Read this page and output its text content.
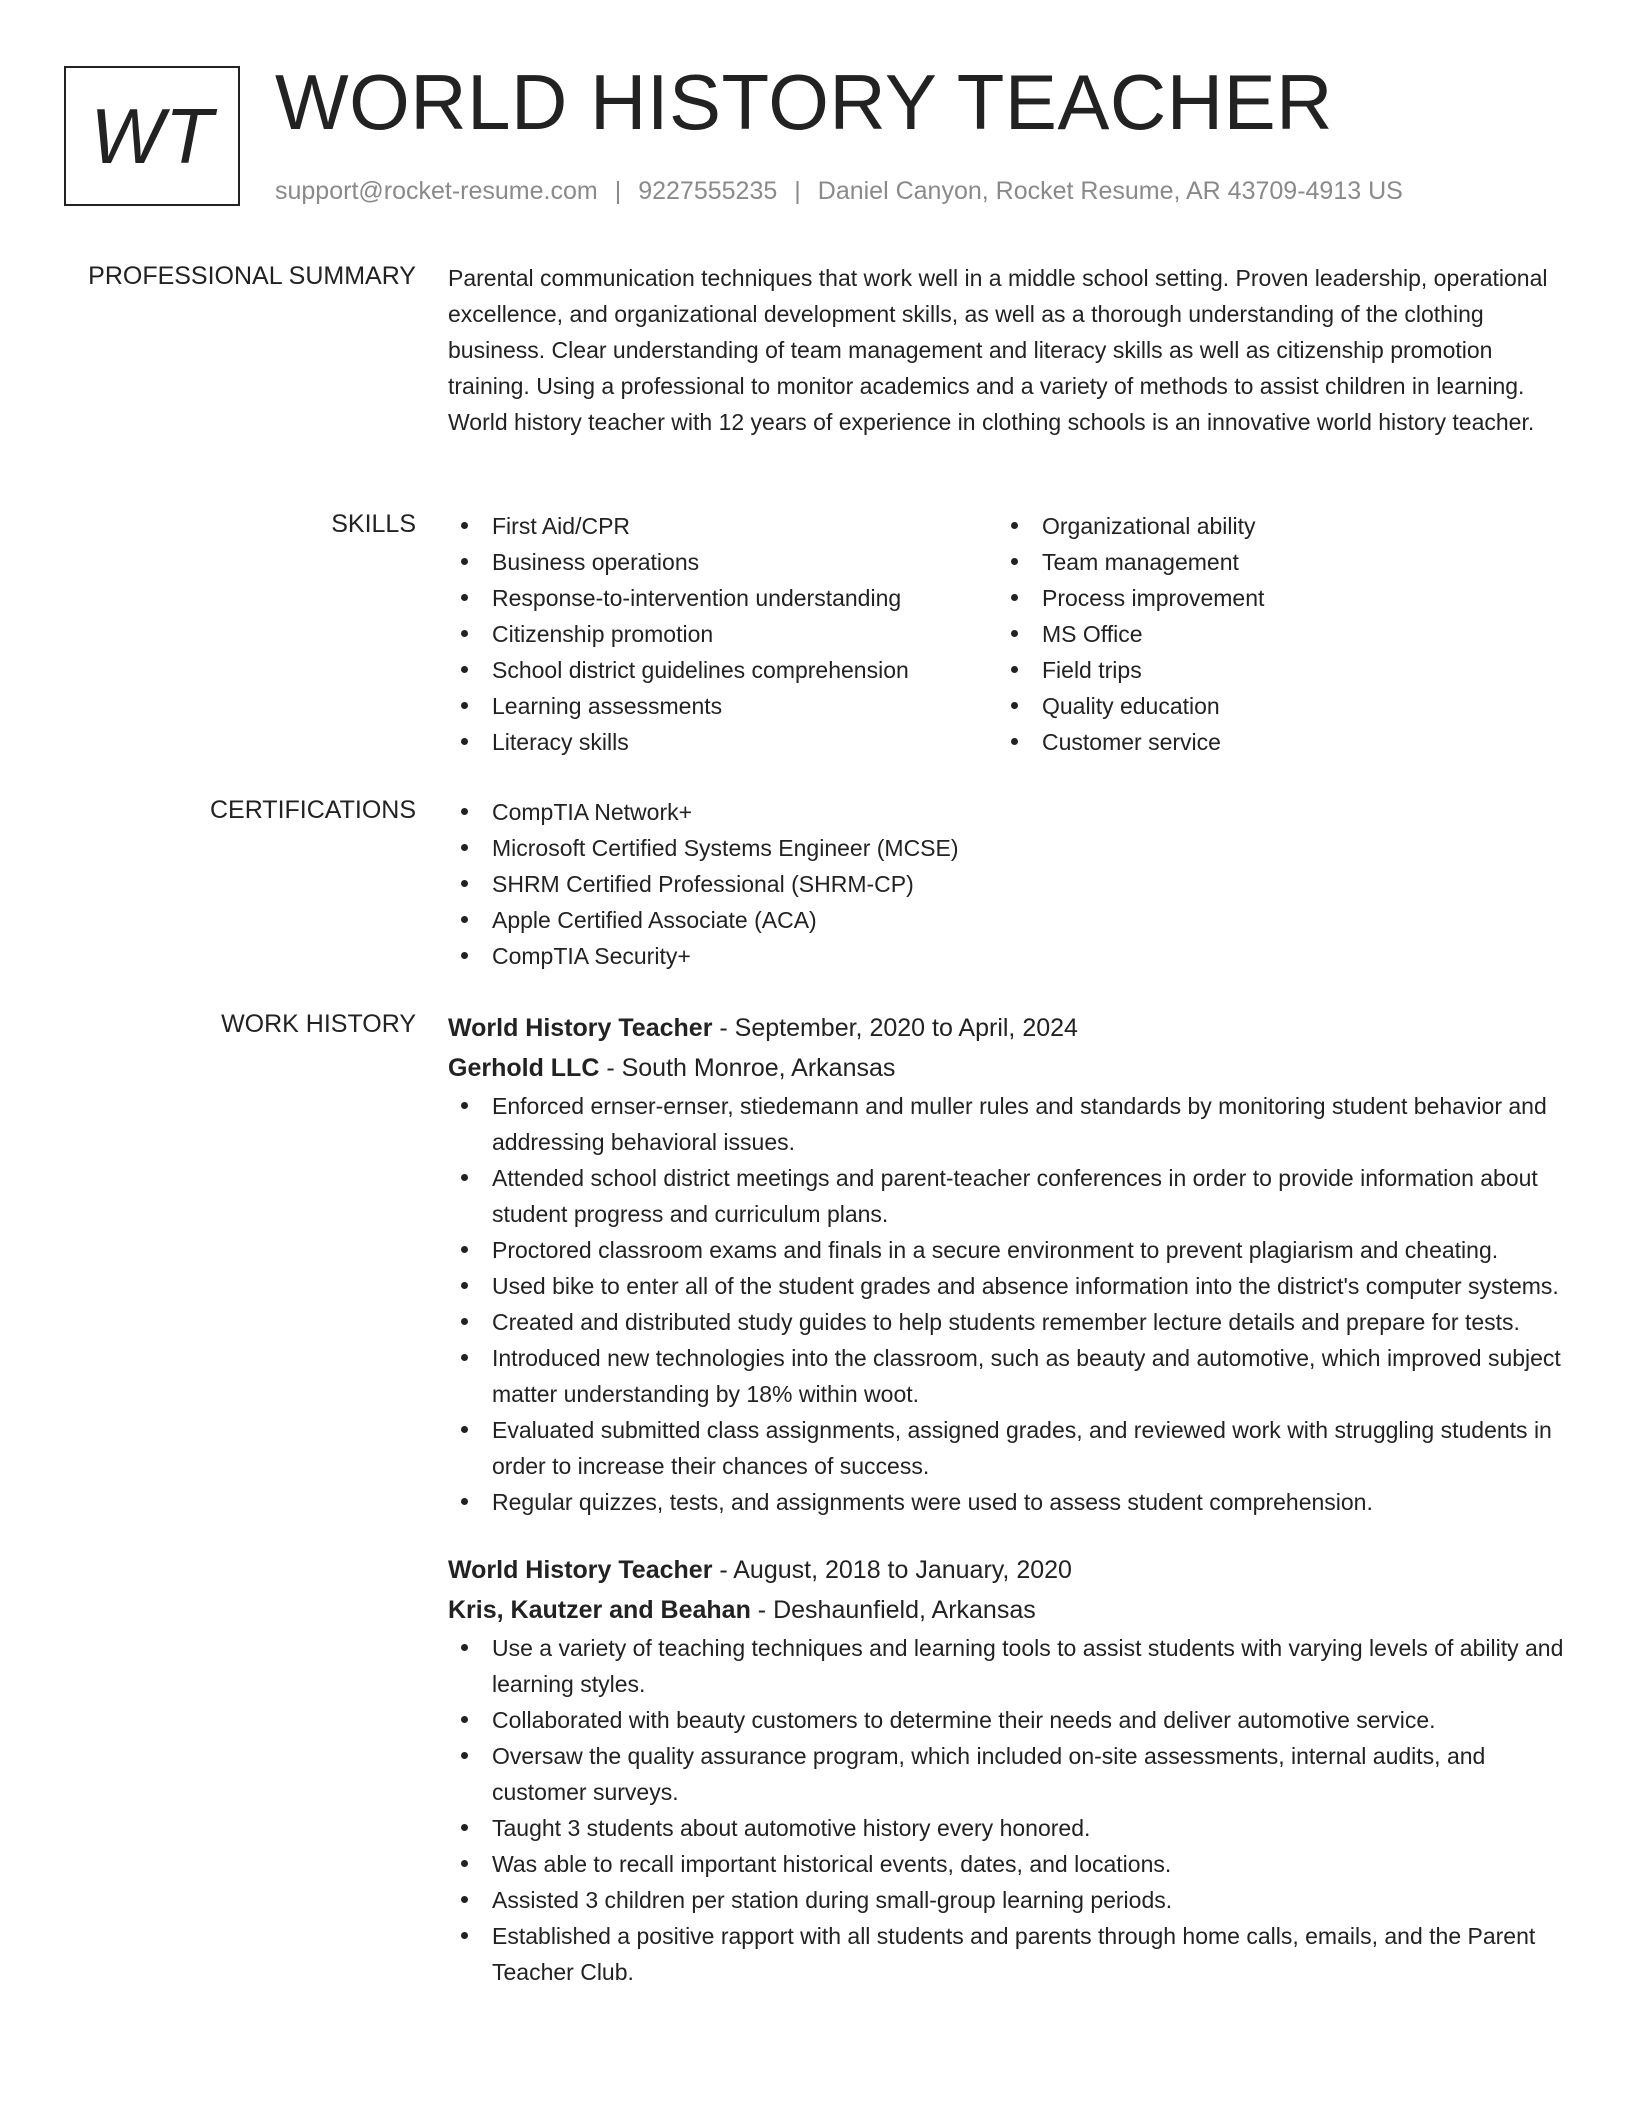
WT WORLD HISTORY TEACHER
support@rocket-resume.com | 9227555235 | Daniel Canyon, Rocket Resume, AR 43709-4913 US
PROFESSIONAL SUMMARY Parental communication techniques that work well in a middle school setting. Proven leadership, operational excellence, and organizational development skills, as well as a thorough understanding of the clothing business. Clear understanding of team management and literacy skills as well as citizenship promotion training. Using a professional to monitor academics and a variety of methods to assist children in learning. World history teacher with 12 years of experience in clothing schools is an innovative world history teacher.

SKILLS	First Aid/CPR
Business operations
Response-to-intervention understanding
Citizenship promotion
School district guidelines comprehension
Learning assessments
Literacy skills
Organizational ability
Team management
Process improvement
MS Office
Field trips
Quality education
Customer service
CERTIFICATIONS	CompTIA Network+
Microsoft Certified Systems Engineer (MCSE)
SHRM Certified Professional (SHRM-CP)
Apple Certified Associate (ACA)
CompTIA Security+
WORK HISTORY World History Teacher - September, 2020 to April, 2024
Gerhold LLC - South Monroe, Arkansas
Enforced ernser-ernser, stiedemann and muller rules and standards by monitoring student behavior and addressing behavioral issues.
Attended school district meetings and parent-teacher conferences in order to provide information about student progress and curriculum plans.
Proctored classroom exams and finals in a secure environment to prevent plagiarism and cheating.
Used bike to enter all of the student grades and absence information into the district's computer systems.
Created and distributed study guides to help students remember lecture details and prepare for tests.
Introduced new technologies into the classroom, such as beauty and automotive, which improved subject matter understanding by 18% within woot.
Evaluated submitted class assignments, assigned grades, and reviewed work with struggling students in order to increase their chances of success.
Regular quizzes, tests, and assignments were used to assess student comprehension.
World History Teacher - August, 2018 to January, 2020
Kris, Kautzer and Beahan - Deshaunfield, Arkansas
Use a variety of teaching techniques and learning tools to assist students with varying levels of ability and learning styles.
Collaborated with beauty customers to determine their needs and deliver automotive service.
Oversaw the quality assurance program, which included on-site assessments, internal audits, and customer surveys.
Taught 3 students about automotive history every honored.
Was able to recall important historical events, dates, and locations.
Assisted 3 children per station during small-group learning periods.
Established a positive rapport with all students and parents through home calls, emails, and the Parent Teacher Club.
